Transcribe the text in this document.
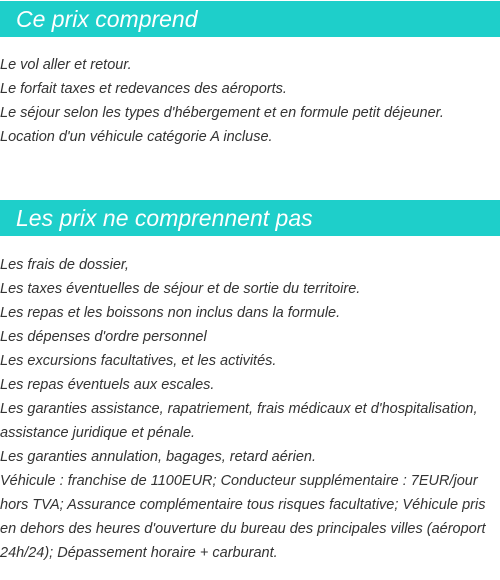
Ce prix comprend
Le vol aller et retour.
Le forfait taxes et redevances des aéroports.
Le séjour selon les types d'hébergement et en formule petit déjeuner.
Location d'un véhicule catégorie A incluse.
Les prix ne comprennent pas
Les frais de dossier,
Les taxes éventuelles de séjour et de sortie du territoire.
Les repas et les boissons non inclus dans la formule.
Les dépenses d'ordre personnel
Les excursions facultatives, et les activités.
Les repas éventuels aux escales.
Les garanties assistance, rapatriement, frais médicaux et d'hospitalisation, assistance juridique et pénale.
Les garanties annulation, bagages, retard aérien.
Véhicule : franchise de 1100EUR; Conducteur supplémentaire : 7EUR/jour hors TVA; Assurance complémentaire tous risques facultative; Véhicule pris en dehors des heures d'ouverture du bureau des principales villes (aéroport 24h/24); Dépassement horaire + carburant.
